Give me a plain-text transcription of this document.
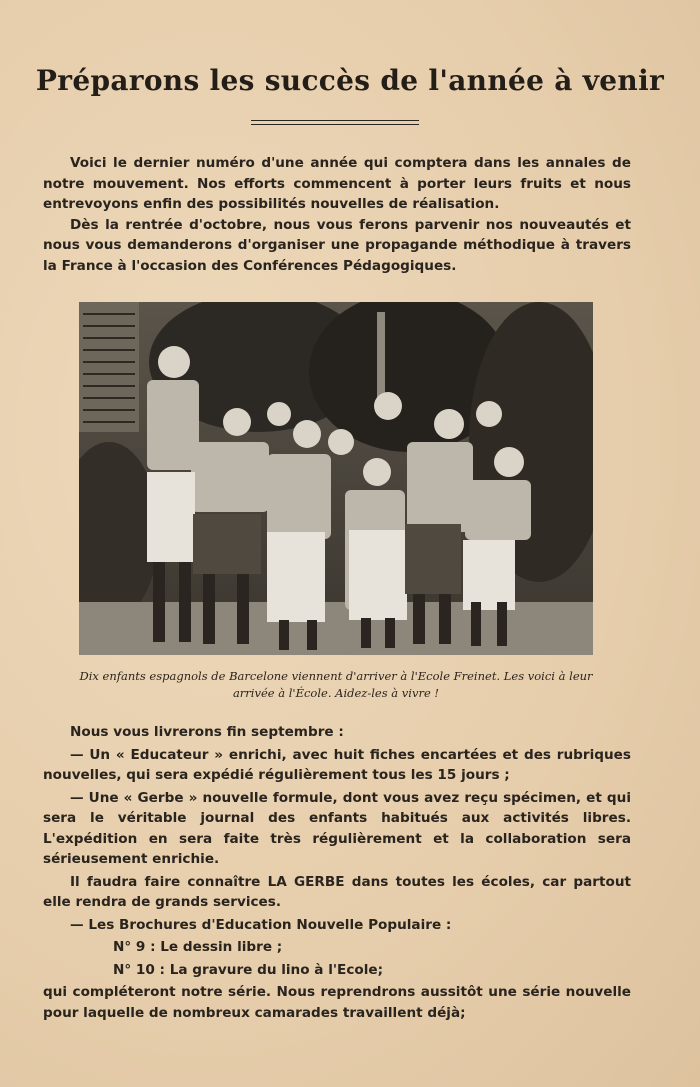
Préparons les succès de l'année à venir

Voici le dernier numéro d'une année qui comptera dans les annales de notre mouvement. Nos efforts commencent à porter leurs fruits et nous entrevoyons enfin des possibilités nouvelles de réalisation.

Dès la rentrée d'octobre, nous vous ferons parvenir nos nouveautés et nous vous demanderons d'organiser une propagande méthodique à travers la France à l'occasion des Conférences Pédagogiques.

Dix enfants espagnols de Barcelone viennent d'arriver à l'Ecole Freinet. Les voici à leur arrivée à l'École. Aidez-les à vivre !

Nous vous livrerons fin septembre :

— Un « Educateur » enrichi, avec huit fiches encartées et des rubriques nouvelles, qui sera expédié régulièrement tous les 15 jours ;

— Une « Gerbe » nouvelle formule, dont vous avez reçu spécimen, et qui sera le véritable journal des enfants habitués aux activités libres. L'expédition en sera faite très régulièrement et la collaboration sera sérieusement enrichie.

Il faudra faire connaître LA GERBE dans toutes les écoles, car partout elle rendra de grands services.

— Les Brochures d'Education Nouvelle Populaire :

N° 9 : Le dessin libre ;

N° 10 : La gravure du lino à l'Ecole;

qui compléteront notre série. Nous reprendrons aussitôt une série nouvelle pour laquelle de nombreux camarades travaillent déjà;
